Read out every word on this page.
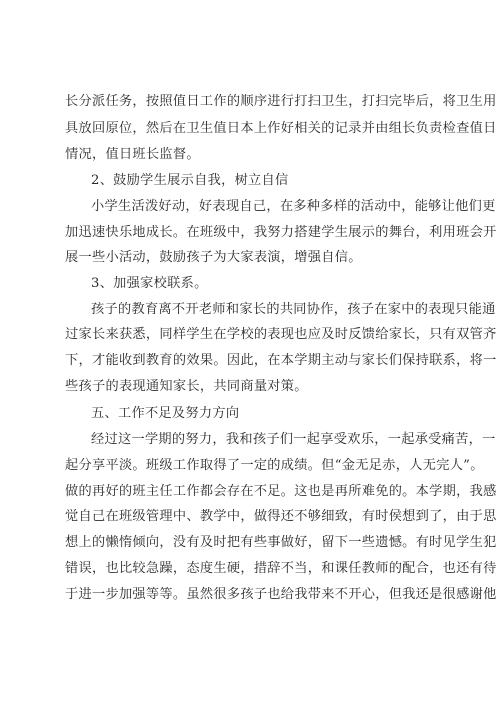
长分派任务，按照值日工作的顺序进行打扫卫生，打扫完毕后，将卫生用
具放回原位，然后在卫生值日本上作好相关的记录并由组长负责检查值日
情况，值日班长监督。
2、鼓励学生展示自我，树立自信
小学生活泼好动，好表现自己，在多种多样的活动中，能够让他们更
加迅速快乐地成长。在班级中，我努力搭建学生展示的舞台，利用班会开
展一些小活动，鼓励孩子为大家表演，增强自信。
3、加强家校联系。
孩子的教育离不开老师和家长的共同协作，孩子在家中的表现只能通
过家长来获悉，同样学生在学校的表现也应及时反馈给家长，只有双管齐
下，才能收到教育的效果。因此，在本学期主动与家长们保持联系，将一
些孩子的表现通知家长，共同商量对策。
五、工作不足及努力方向
经过这一学期的努力，我和孩子们一起享受欢乐，一起承受痛苦，一
起分享平淡。班级工作取得了一定的成绩。但“金无足赤，人无完人”。
做的再好的班主任工作都会存在不足。这也是再所难免的。本学期，我感
觉自己在班级管理中、教学中，做得还不够细致，有时侯想到了，由于思
想上的懒惰倾向，没有及时把有些事做好，留下一些遗憾。有时见学生犯
错误，也比较急躁，态度生硬，措辞不当，和课任教师的配合，也还有待
于进一步加强等等。虽然很多孩子也给我带来不开心，但我还是很感谢他
